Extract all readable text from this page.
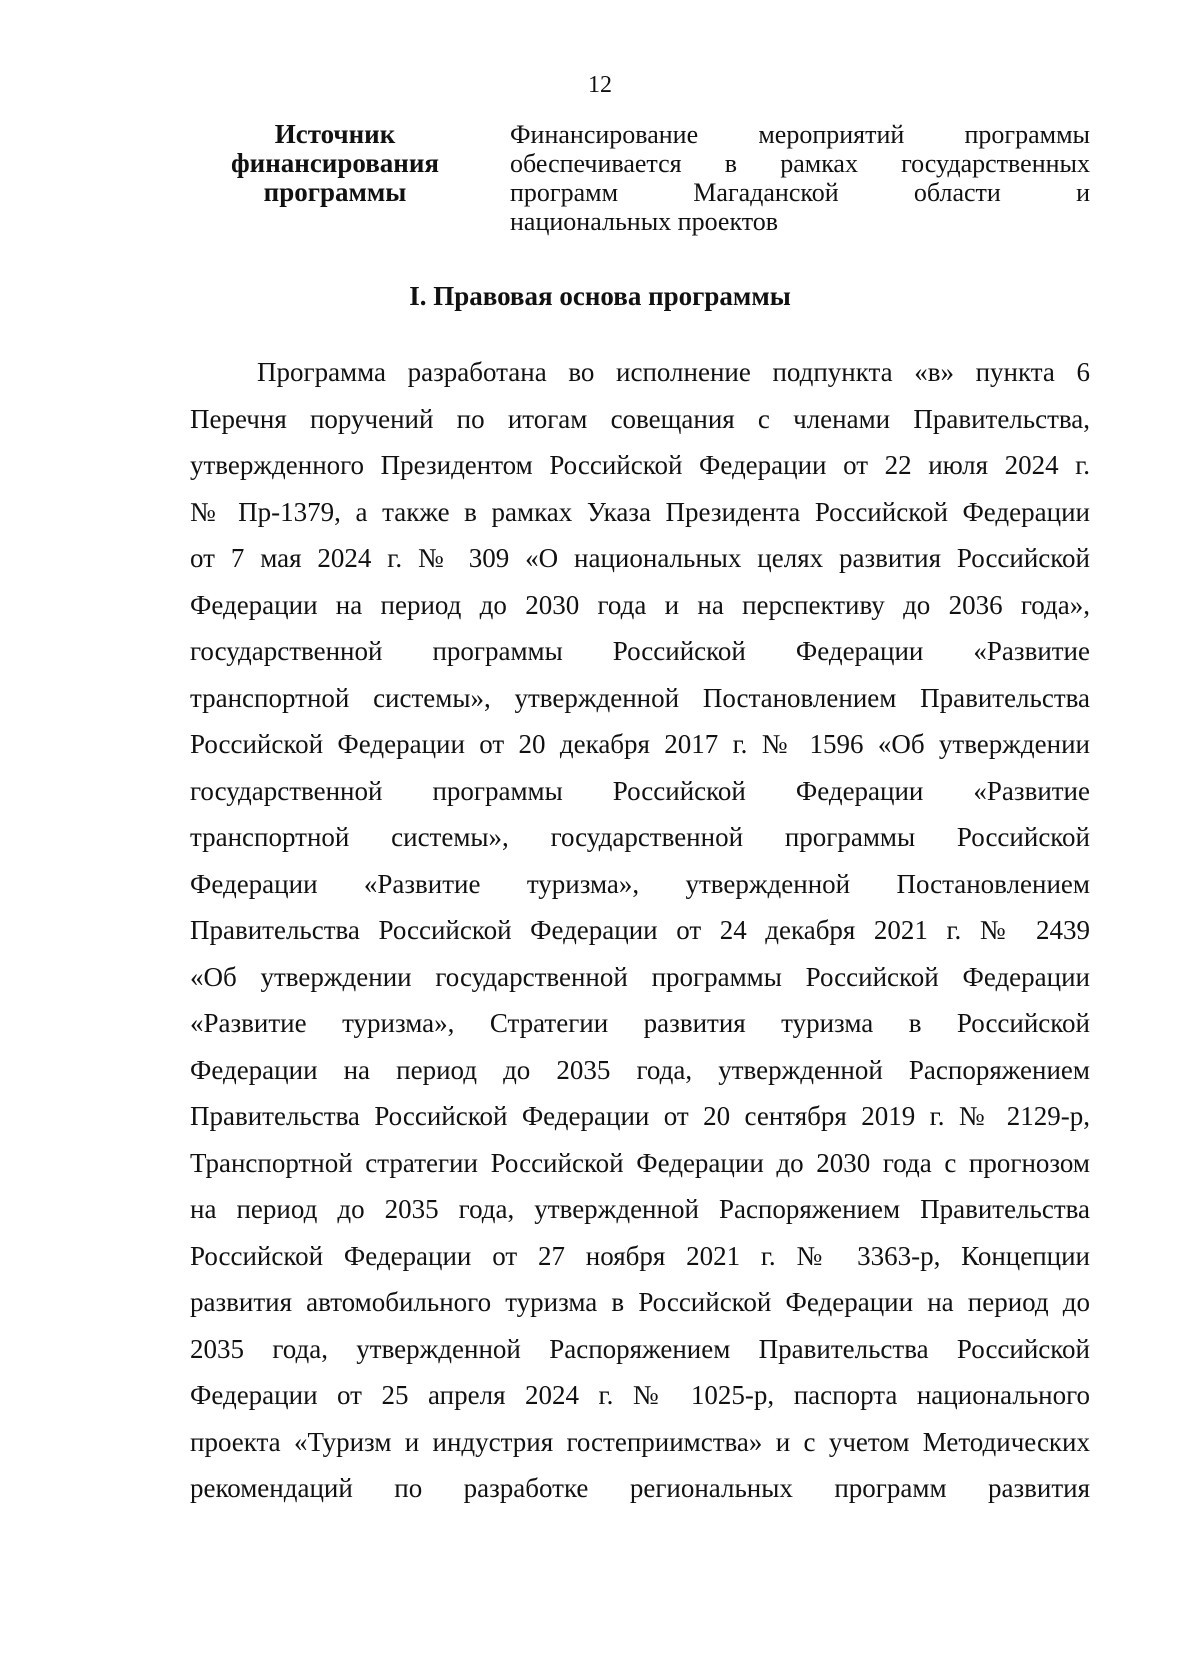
12
Источник
финансирования
программы
Финансирование мероприятий программы
обеспечивается в рамках государственных
программ Магаданской области и
национальных проектов
I. Правовая основа программы
Программа разработана во исполнение подпункта «в» пункта 6
Перечня поручений по итогам совещания с членами Правительства,
утвержденного Президентом Российской Федерации от 22 июля 2024 г.
№ Пр-1379, а также в рамках Указа Президента Российской Федерации
от 7 мая 2024 г. № 309 «О национальных целях развития Российской
Федерации на период до 2030 года и на перспективу до 2036 года»,
государственной программы Российской Федерации «Развитие
транспортной системы», утвержденной Постановлением Правительства
Российской Федерации от 20 декабря 2017 г. № 1596 «Об утверждении
государственной программы Российской Федерации «Развитие
транспортной системы», государственной программы Российской
Федерации «Развитие туризма», утвержденной Постановлением
Правительства Российской Федерации от 24 декабря 2021 г. № 2439
«Об утверждении государственной программы Российской Федерации
«Развитие туризма», Стратегии развития туризма в Российской
Федерации на период до 2035 года, утвержденной Распоряжением
Правительства Российской Федерации от 20 сентября 2019 г. № 2129-р,
Транспортной стратегии Российской Федерации до 2030 года с прогнозом
на период до 2035 года, утвержденной Распоряжением Правительства
Российской Федерации от 27 ноября 2021 г. № 3363-р, Концепции
развития автомобильного туризма в Российской Федерации на период до
2035 года, утвержденной Распоряжением Правительства Российской
Федерации от 25 апреля 2024 г. № 1025-р, паспорта национального
проекта «Туризм и индустрия гостеприимства» и с учетом Методических
рекомендаций по разработке региональных программ развития
